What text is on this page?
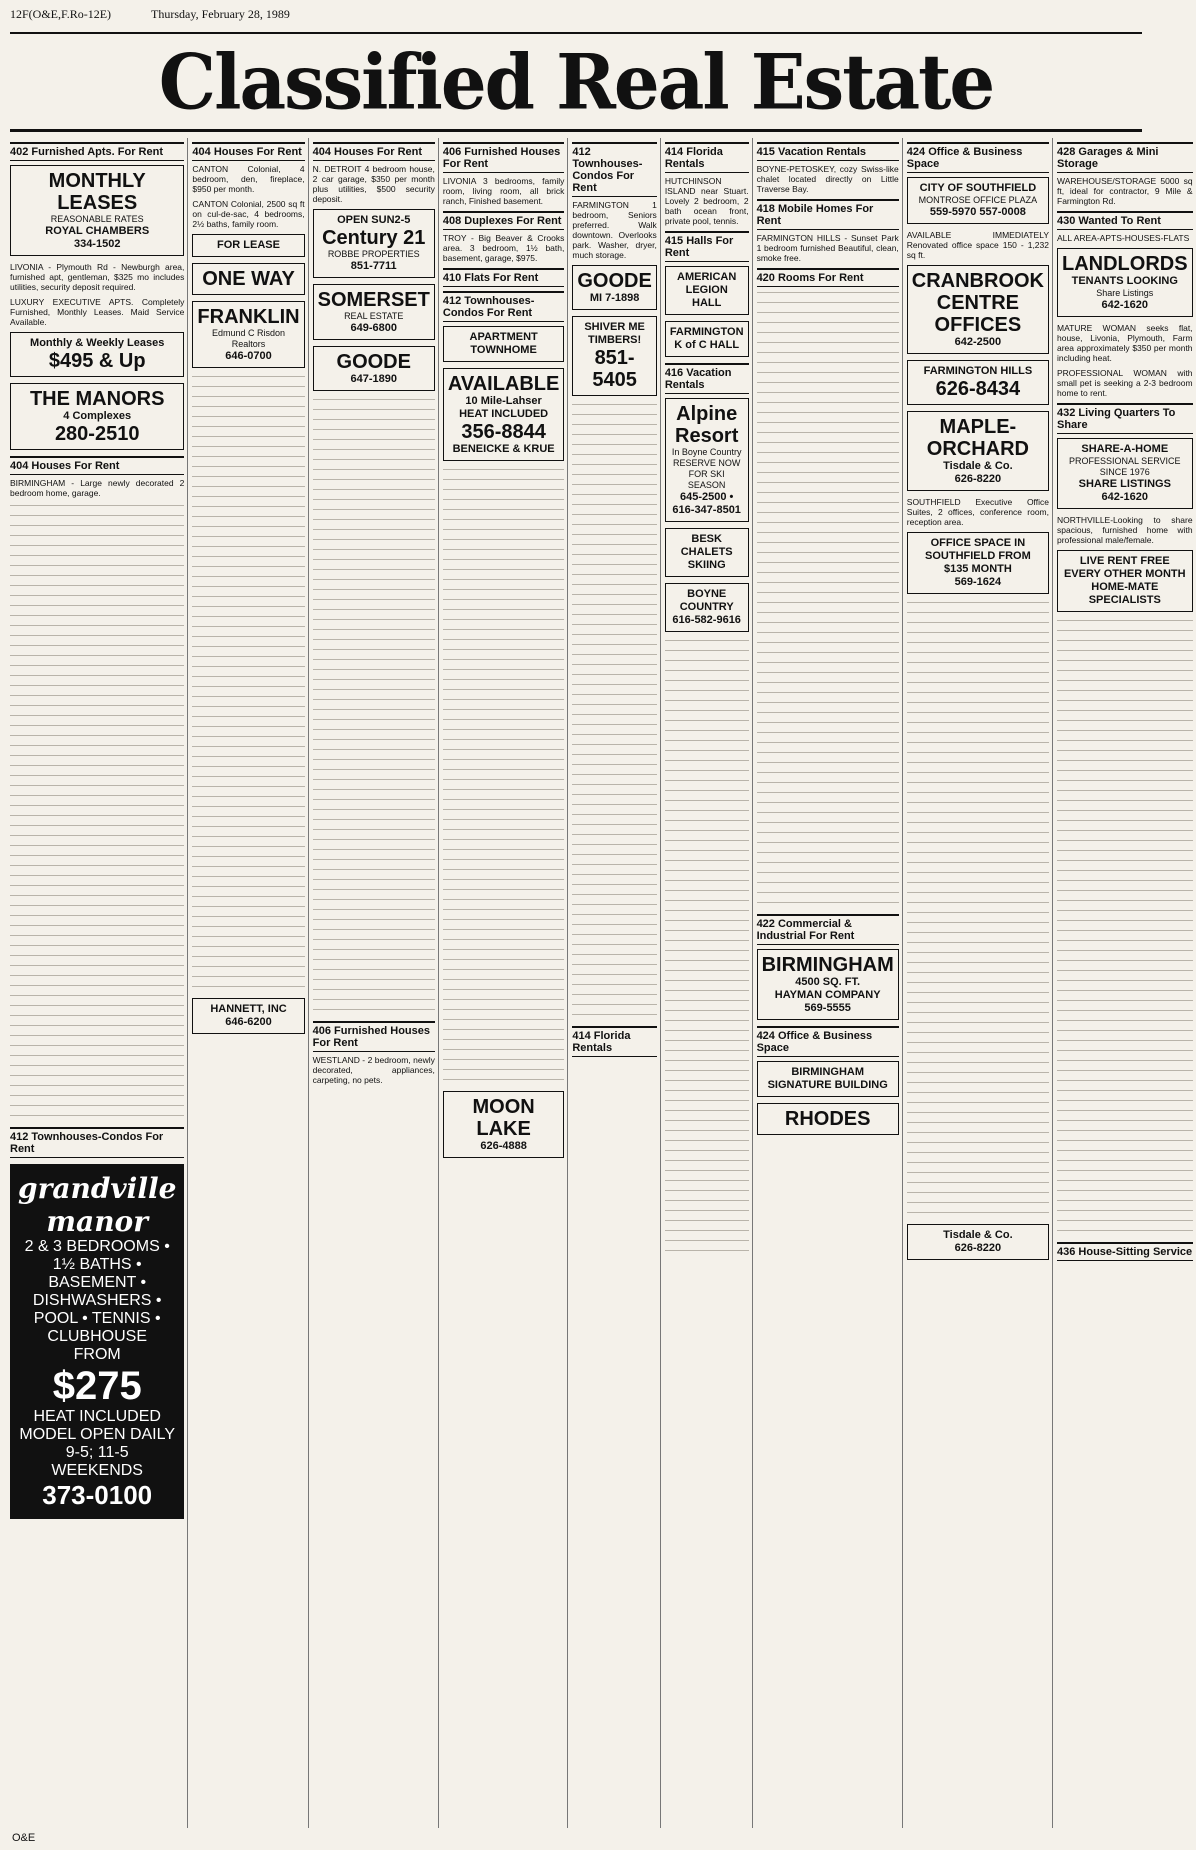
12F(O&E,F.Ro-12E)	Thursday, February 28, 1989
Classified Real Estate
402 Furnished Apts. For Rent
MONTHLY LEASES
REASONABLE RATES
ROYAL CHAMBERS
334-1502

LIVONIA - Plymouth Rd - Newburgh area, furnished apt, gentleman, $325 mo includes utilities, security deposit required.

LUXURY EXECUTIVE APTS. Completely Furnished, Monthly Leases. Maid Service Available.

Monthly & Weekly Leases
$495 & Up
THE MANORS
4 Complexes
280-2510
404 Houses For Rent

BIRMINGHAM - Large newly decorated 2 bedroom home, garage.

412 Townhouses-Condos For Rent
grandville manor
2 & 3 BEDROOMS • 1½ BATHS • BASEMENT • DISHWASHERS • POOL • TENNIS • CLUBHOUSE
FROM
$275
HEAT INCLUDED
MODEL OPEN DAILY 9-5; 11-5 WEEKENDS
373-0100
404 Houses For Rent

CANTON Colonial, 4 bedroom, den, fireplace, $950 per month.

CANTON Colonial, 2500 sq ft on cul-de-sac, 4 bedrooms, 2½ baths, family room.

FOR LEASE
ONE WAY
FRANKLIN
Edmund C Risdon Realtors
646-0700
HANNETT, INC
646-6200
404 Houses For Rent

N. DETROIT 4 bedroom house, 2 car garage, $350 per month plus utilities, $500 security deposit.

OPEN SUN2-5
Century 21
ROBBE PROPERTIES
851-7711
SOMERSET
REAL ESTATE
649-6800
GOODE
647-1890
406 Furnished Houses For Rent

WESTLAND - 2 bedroom, newly decorated, appliances, carpeting, no pets.

406 Furnished Houses For Rent

LIVONIA 3 bedrooms, family room, living room, all brick ranch, Finished basement.

408 Duplexes For Rent

TROY - Big Beaver & Crooks area. 3 bedroom, 1½ bath, basement, garage, $975.

410 Flats For Rent
412 Townhouses-Condos For Rent
APARTMENT TOWNHOME
AVAILABLE
10 Mile-Lahser
HEAT INCLUDED
356-8844
BENEICKE & KRUE
MOON LAKE
626-4888
412 Townhouses-Condos For Rent

FARMINGTON 1 bedroom, Seniors preferred. Walk downtown. Overlooks park. Washer, dryer, much storage.

GOODE
MI 7-1898
SHIVER ME TIMBERS!
851-5405
414 Florida Rentals
414 Florida Rentals

HUTCHINSON ISLAND near Stuart. Lovely 2 bedroom, 2 bath ocean front, private pool, tennis.

415 Halls For Rent
AMERICAN LEGION HALL
FARMINGTON K of C HALL
416 Vacation Rentals
Alpine Resort
In Boyne Country RESERVE NOW FOR SKI SEASON
645-2500 • 616-347-8501
BESK CHALETS SKIING
BOYNE COUNTRY
616-582-9616
415 Vacation Rentals

BOYNE-PETOSKEY, cozy Swiss-like chalet located directly on Little Traverse Bay.

418 Mobile Homes For Rent

FARMINGTON HILLS - Sunset Park 1 bedroom furnished Beautiful, clean, smoke free.

420 Rooms For Rent
422 Commercial & Industrial For Rent
BIRMINGHAM
4500 SQ. FT.
HAYMAN COMPANY
569-5555
424 Office & Business Space
BIRMINGHAM SIGNATURE BUILDING
RHODES
424 Office & Business Space
CITY OF SOUTHFIELD
MONTROSE OFFICE PLAZA
559-5970 557-0008

AVAILABLE IMMEDIATELY Renovated office space 150 - 1,232 sq ft.

CRANBROOK CENTRE OFFICES
642-2500
FARMINGTON HILLS
626-8434
MAPLE-ORCHARD
Tisdale & Co.
626-8220

SOUTHFIELD Executive Office Suites, 2 offices, conference room, reception area.

OFFICE SPACE IN SOUTHFIELD FROM $135 MONTH
569-1624
Tisdale & Co.
626-8220
428 Garages & Mini Storage

WAREHOUSE/STORAGE 5000 sq ft, ideal for contractor, 9 Mile & Farmington Rd.

430 Wanted To Rent

ALL AREA-APTS-HOUSES-FLATS

LANDLORDS
TENANTS LOOKING
Share Listings
642-1620

MATURE WOMAN seeks flat, house, Livonia, Plymouth, Farm area approximately $350 per month including heat.

PROFESSIONAL WOMAN with small pet is seeking a 2-3 bedroom home to rent.

432 Living Quarters To Share
SHARE-A-HOME
PROFESSIONAL SERVICE SINCE 1976
SHARE LISTINGS
642-1620

NORTHVILLE-Looking to share spacious, furnished home with professional male/female.

LIVE RENT FREE EVERY OTHER MONTH
HOME-MATE SPECIALISTS
436 House-Sitting Service
O&E
